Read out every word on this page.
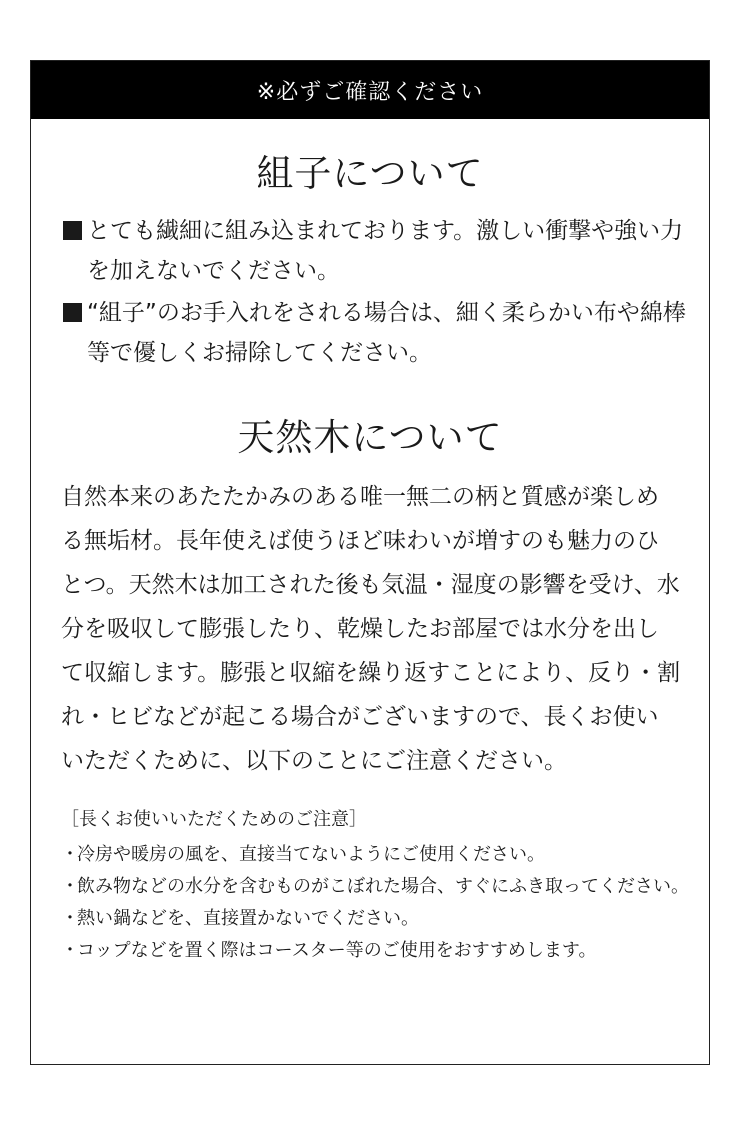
※必ずご確認ください
組子について
とても繊細に組み込まれております。激しい衝撃や強い力を加えないでください。
“組子”のお手入れをされる場合は、細く柔らかい布や綿棒等で優しくお掃除してください。
天然木について

自然本来のあたたかみのある唯一無二の柄と質感が楽しめる無垢材。長年使えば使うほど味わいが増すのも魅力のひとつ。天然木は加工された後も気温・湿度の影響を受け、水分を吸収して膨張したり、乾燥したお部屋では水分を出して収縮します。膨張と収縮を繰り返すことにより、反り・割れ・ヒビなどが起こる場合がございますので、長くお使いいただくために、以下のことにご注意ください。

［長くお使いいただくためのご注意］
・
冷房や暖房の風を、直接当てないようにご使用ください。
・
飲み物などの水分を含むものがこぼれた場合、すぐにふき取ってください。
・
熱い鍋などを、直接置かないでください。
・
コップなどを置く際はコースター等のご使用をおすすめします。
